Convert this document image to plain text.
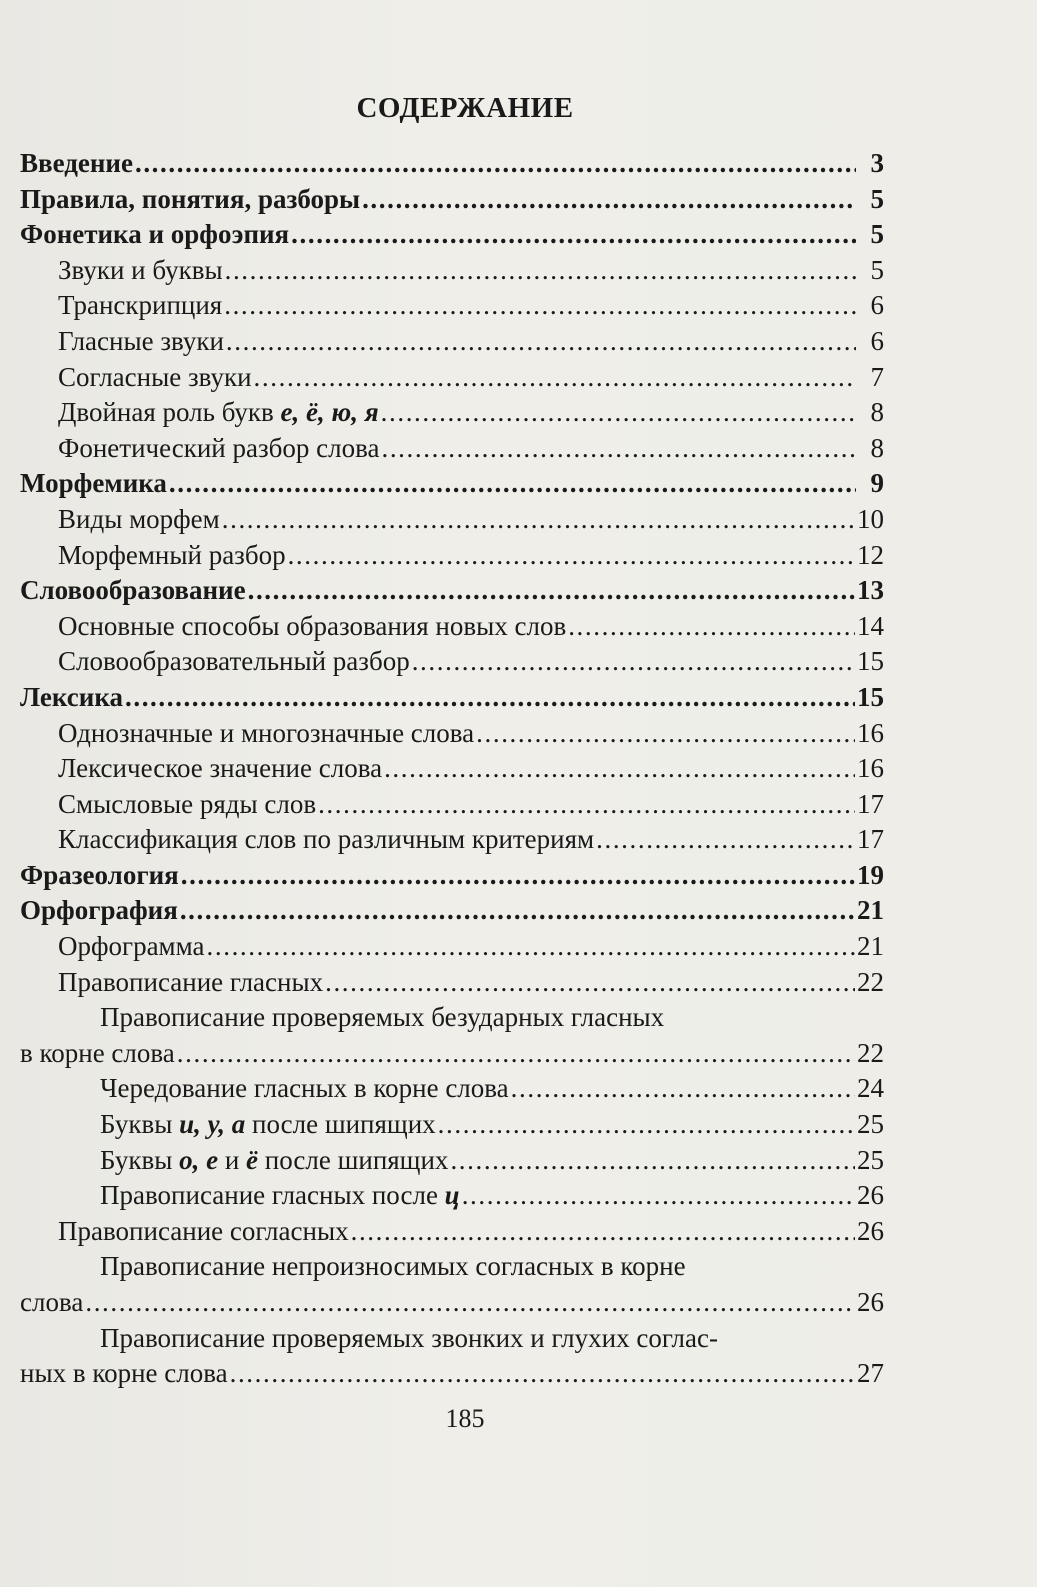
СОДЕРЖАНИЕ
Введение .....	3
Правила, понятия, разборы .....	5
Фонетика и орфоэпия .....	5
Звуки и буквы .....	5
Транскрипция .....	6
Гласные звуки .....	6
Согласные звуки .....	7
Двойная роль букв е, ё, ю, я .....	8
Фонетический разбор слова .....	8
Морфемика .....	9
Виды морфем .....	10
Морфемный разбор .....	12
Словообразование .....	13
Основные способы образования новых слов .....	14
Словообразовательный разбор .....	15
Лексика .....	15
Однозначные и многозначные слова .....	16
Лексическое значение слова .....	16
Смысловые ряды слов .....	17
Классификация слов по различным критериям .....	17
Фразеология .....	19
Орфография .....	21
Орфограмма .....	21
Правописание гласных .....	22
Правописание проверяемых безударных гласных
в корне слова .....	22
Чередование гласных в корне слова .....	24
Буквы и, у, а после шипящих .....	25
Буквы о, е и ё после шипящих .....	25
Правописание гласных после ц .....	26
Правописание согласных .....	26
Правописание непроизносимых согласных в корне
слова .....	26
Правописание проверяемых звонких и глухих соглас-
ных в корне слова .....	27
185
